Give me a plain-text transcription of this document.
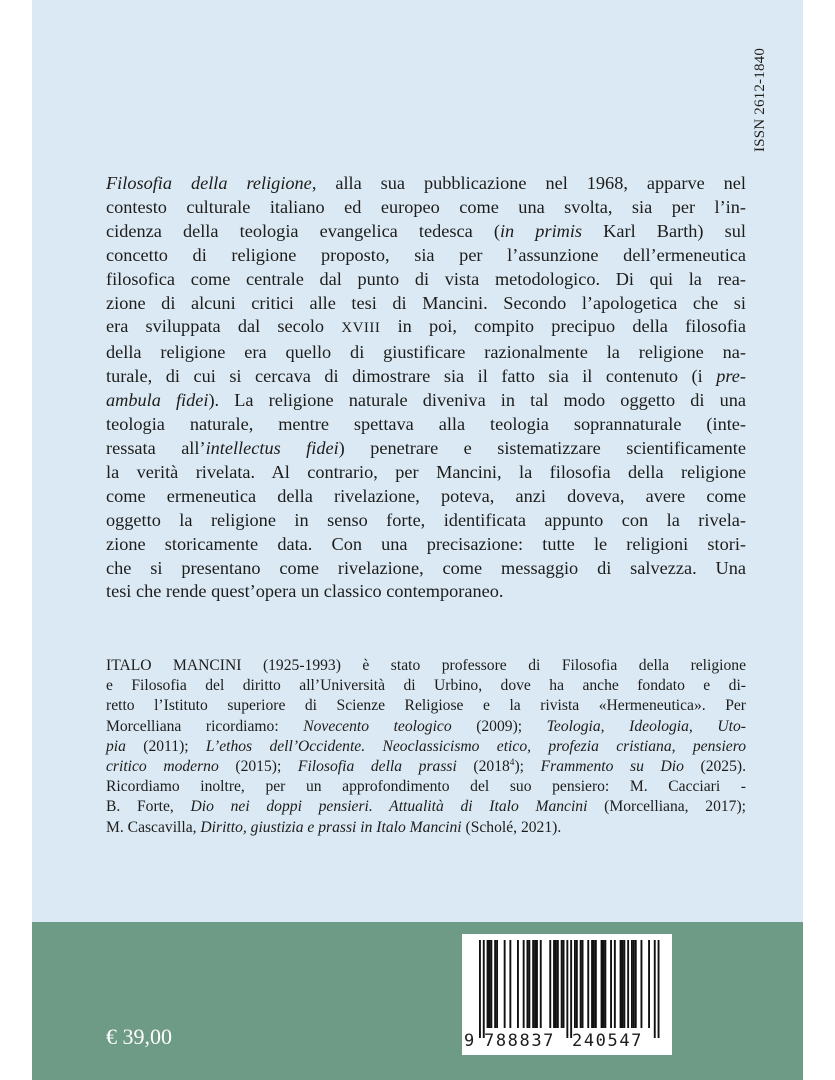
ISSN 2612-1840
Filosofia della religione, alla sua pubblicazione nel 1968, apparve nel
contesto culturale italiano ed europeo come una svolta, sia per l’in-
cidenza della teologia evangelica tedesca (in primis Karl Barth) sul
concetto di religione proposto, sia per l’assunzione dell’ermeneutica
filosofica come centrale dal punto di vista metodologico. Di qui la rea-
zione di alcuni critici alle tesi di Mancini. Secondo l’apologetica che si
era sviluppata dal secolo XVIII in poi, compito precipuo della filosofia
della religione era quello di giustificare razionalmente la religione na-
turale, di cui si cercava di dimostrare sia il fatto sia il contenuto (i pre-
ambula fidei). La religione naturale diveniva in tal modo oggetto di una
teologia naturale, mentre spettava alla teologia soprannaturale (inte-
ressata all’intellectus fidei) penetrare e sistematizzare scientificamente
la verità rivelata. Al contrario, per Mancini, la filosofia della religione
come ermeneutica della rivelazione, poteva, anzi doveva, avere come
oggetto la religione in senso forte, identificata appunto con la rivela-
zione storicamente data. Con una precisazione: tutte le religioni stori-
che si presentano come rivelazione, come messaggio di salvezza. Una
tesi che rende quest’opera un classico contemporaneo.
ITALO MANCINI (1925-1993) è stato professore di Filosofia della religione
e Filosofia del diritto all’Università di Urbino, dove ha anche fondato e di-
retto l’Istituto superiore di Scienze Religiose e la rivista «Hermeneutica». Per
Morcelliana ricordiamo: Novecento teologico (2009); Teologia, Ideologia, Uto-
pia (2011); L’ethos dell’Occidente. Neoclassicismo etico, profezia cristiana, pensiero
critico moderno (2015); Filosofia della prassi (2018$^4$); Frammento su Dio (2025).
Ricordiamo inoltre, per un approfondimento del suo pensiero: M. Cacciari -
B. Forte, Dio nei doppi pensieri. Attualità di Italo Mancini (Morcelliana, 2017);
M. Cascavilla, Diritto, giustizia e prassi in Italo Mancini (Scholé, 2021).
€ 39,00	9 788837 240547
